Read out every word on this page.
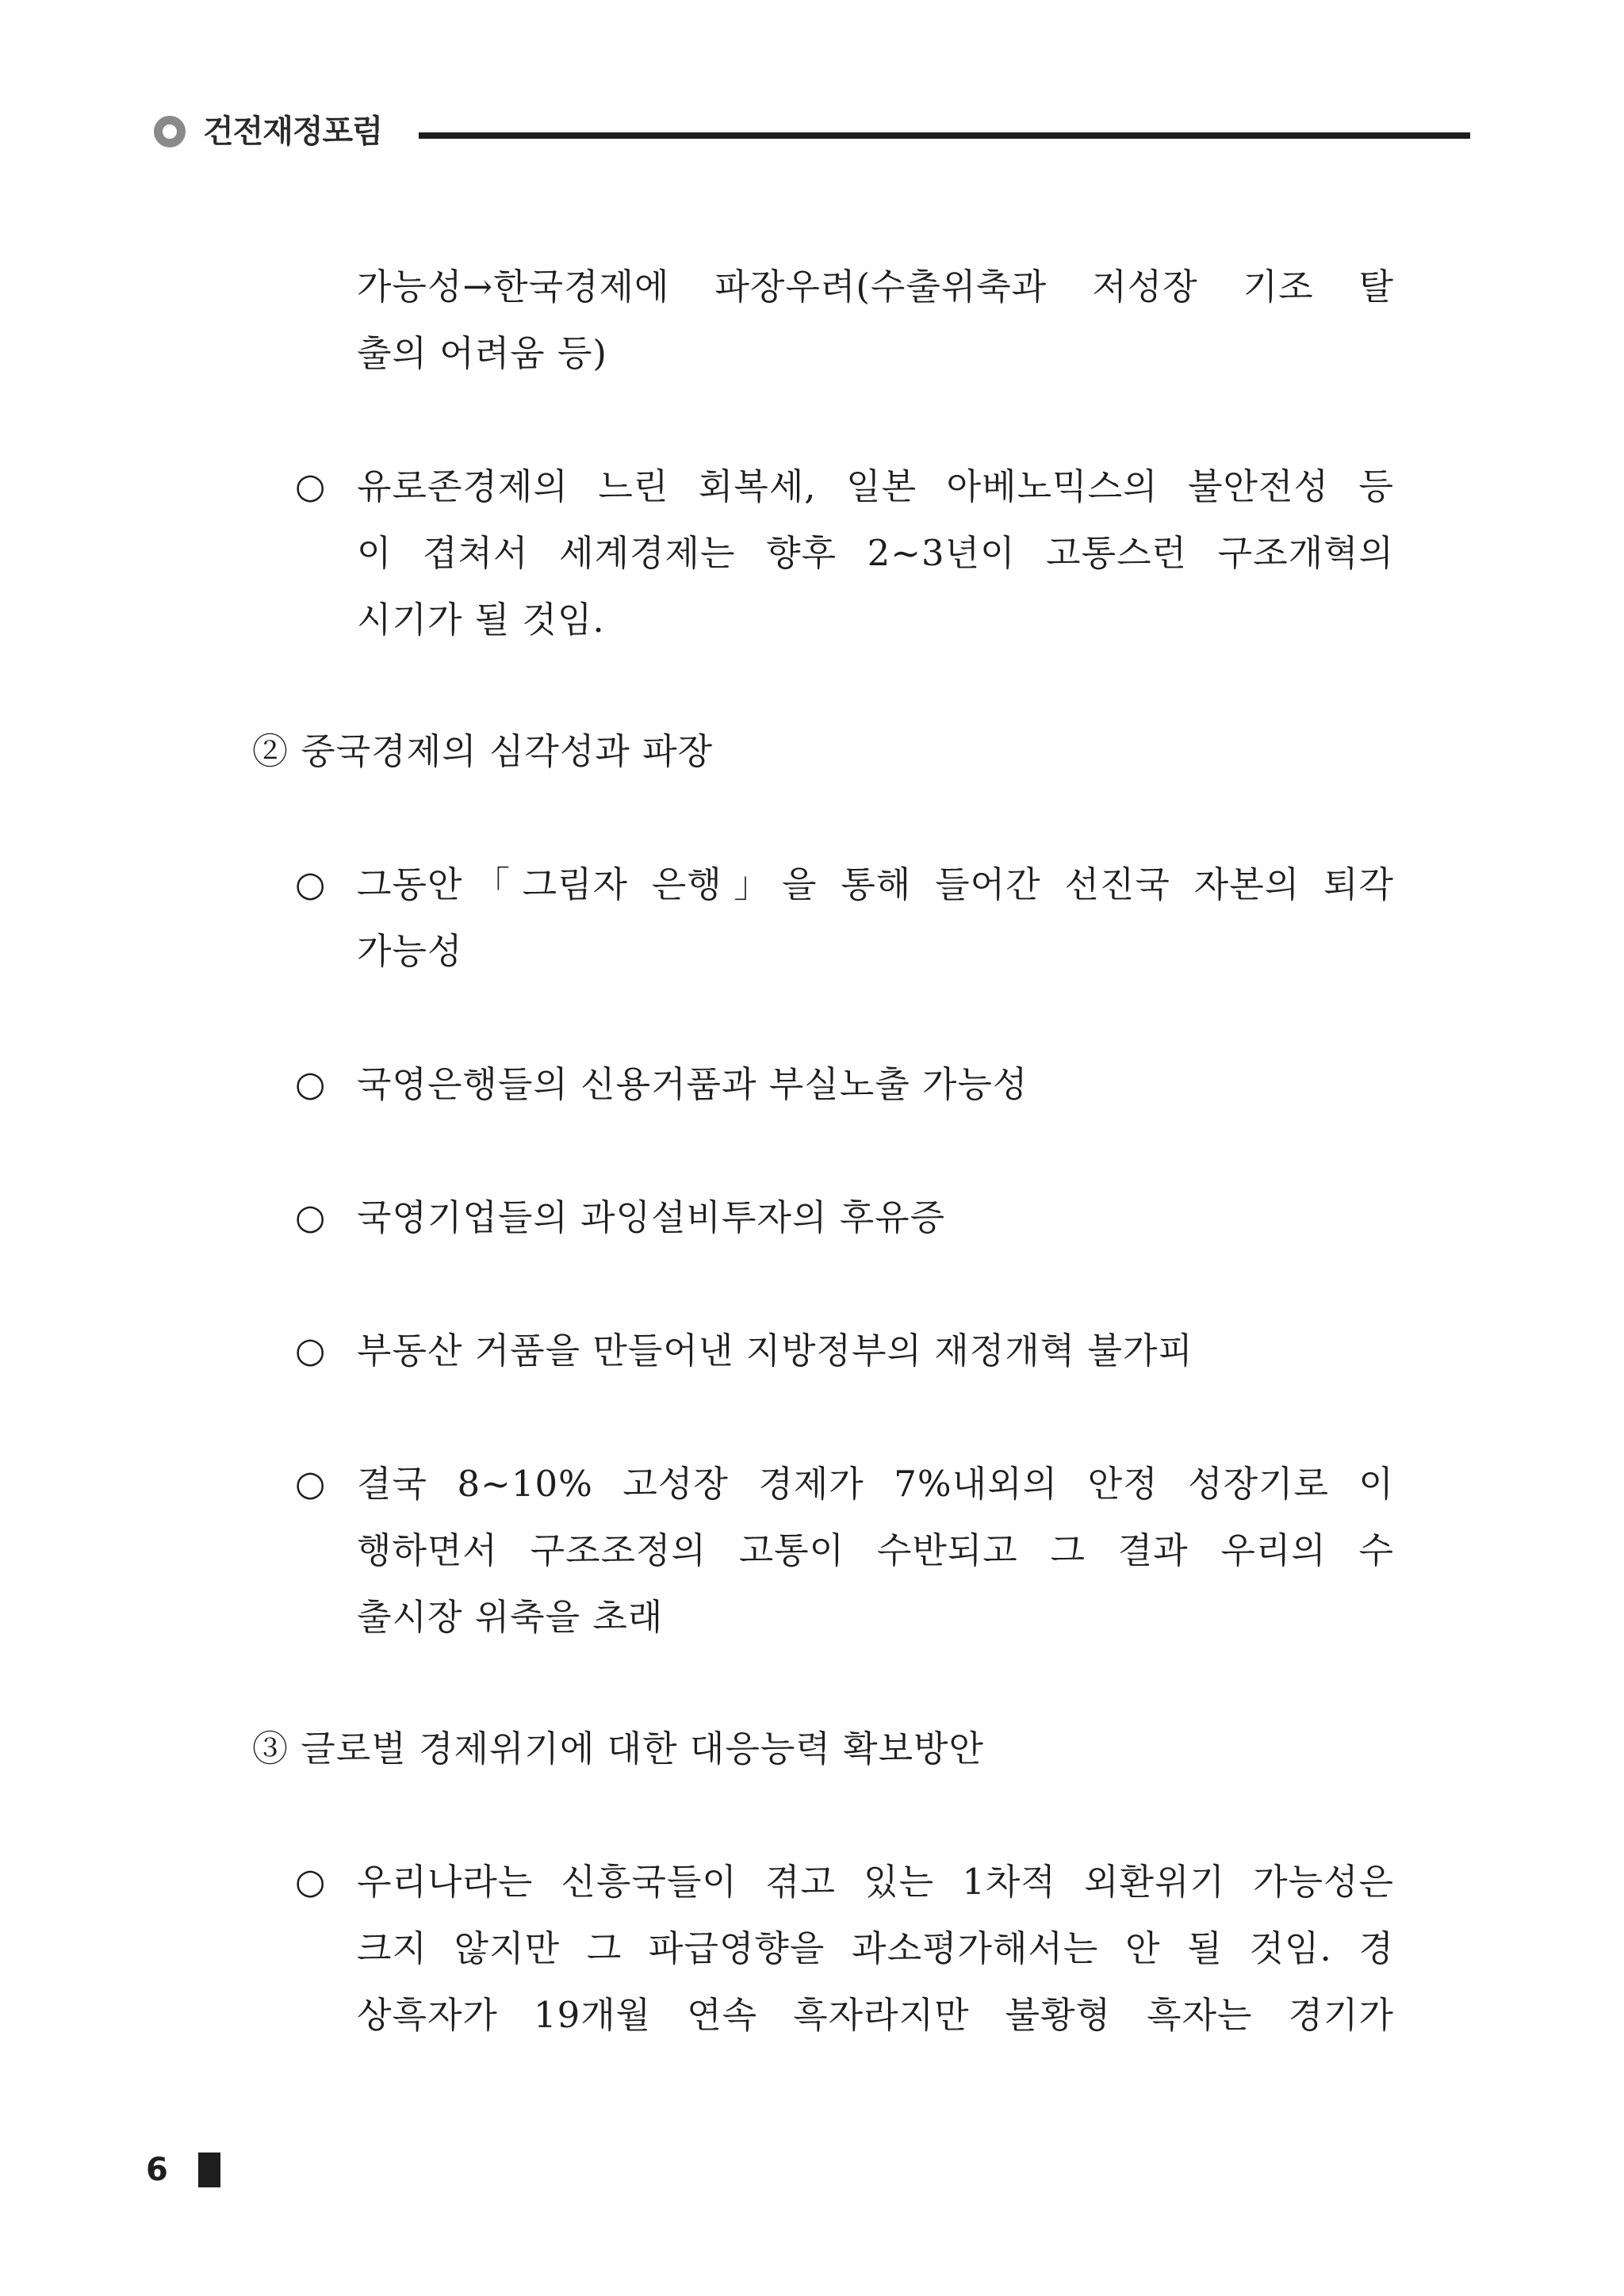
건전재정포럼
가능성→한국경제에 파장우려(수출위축과 저성장 기조 탈
출의 어려움 등)
○ 유로존경제의 느린 회복세, 일본 아베노믹스의 불안전성 등
이 겹쳐서 세계경제는 향후 2~3년이 고통스런 구조개혁의
시기가 될 것임.
② 중국경제의 심각성과 파장
○ 그동안「그림자 은행」을 통해 들어간 선진국 자본의 퇴각
가능성
○ 국영은행들의 신용거품과 부실노출 가능성
○ 국영기업들의 과잉설비투자의 후유증
○ 부동산 거품을 만들어낸 지방정부의 재정개혁 불가피
○ 결국 8~10% 고성장 경제가 7%내외의 안정 성장기로 이
행하면서 구조조정의 고통이 수반되고 그 결과 우리의 수
출시장 위축을 초래
③ 글로벌 경제위기에 대한 대응능력 확보방안
○ 우리나라는 신흥국들이 겪고 있는 1차적 외환위기 가능성은
크지 않지만 그 파급영향을 과소평가해서는 안 될 것임. 경
상흑자가 19개월 연속 흑자라지만 불황형 흑자는 경기가
6
